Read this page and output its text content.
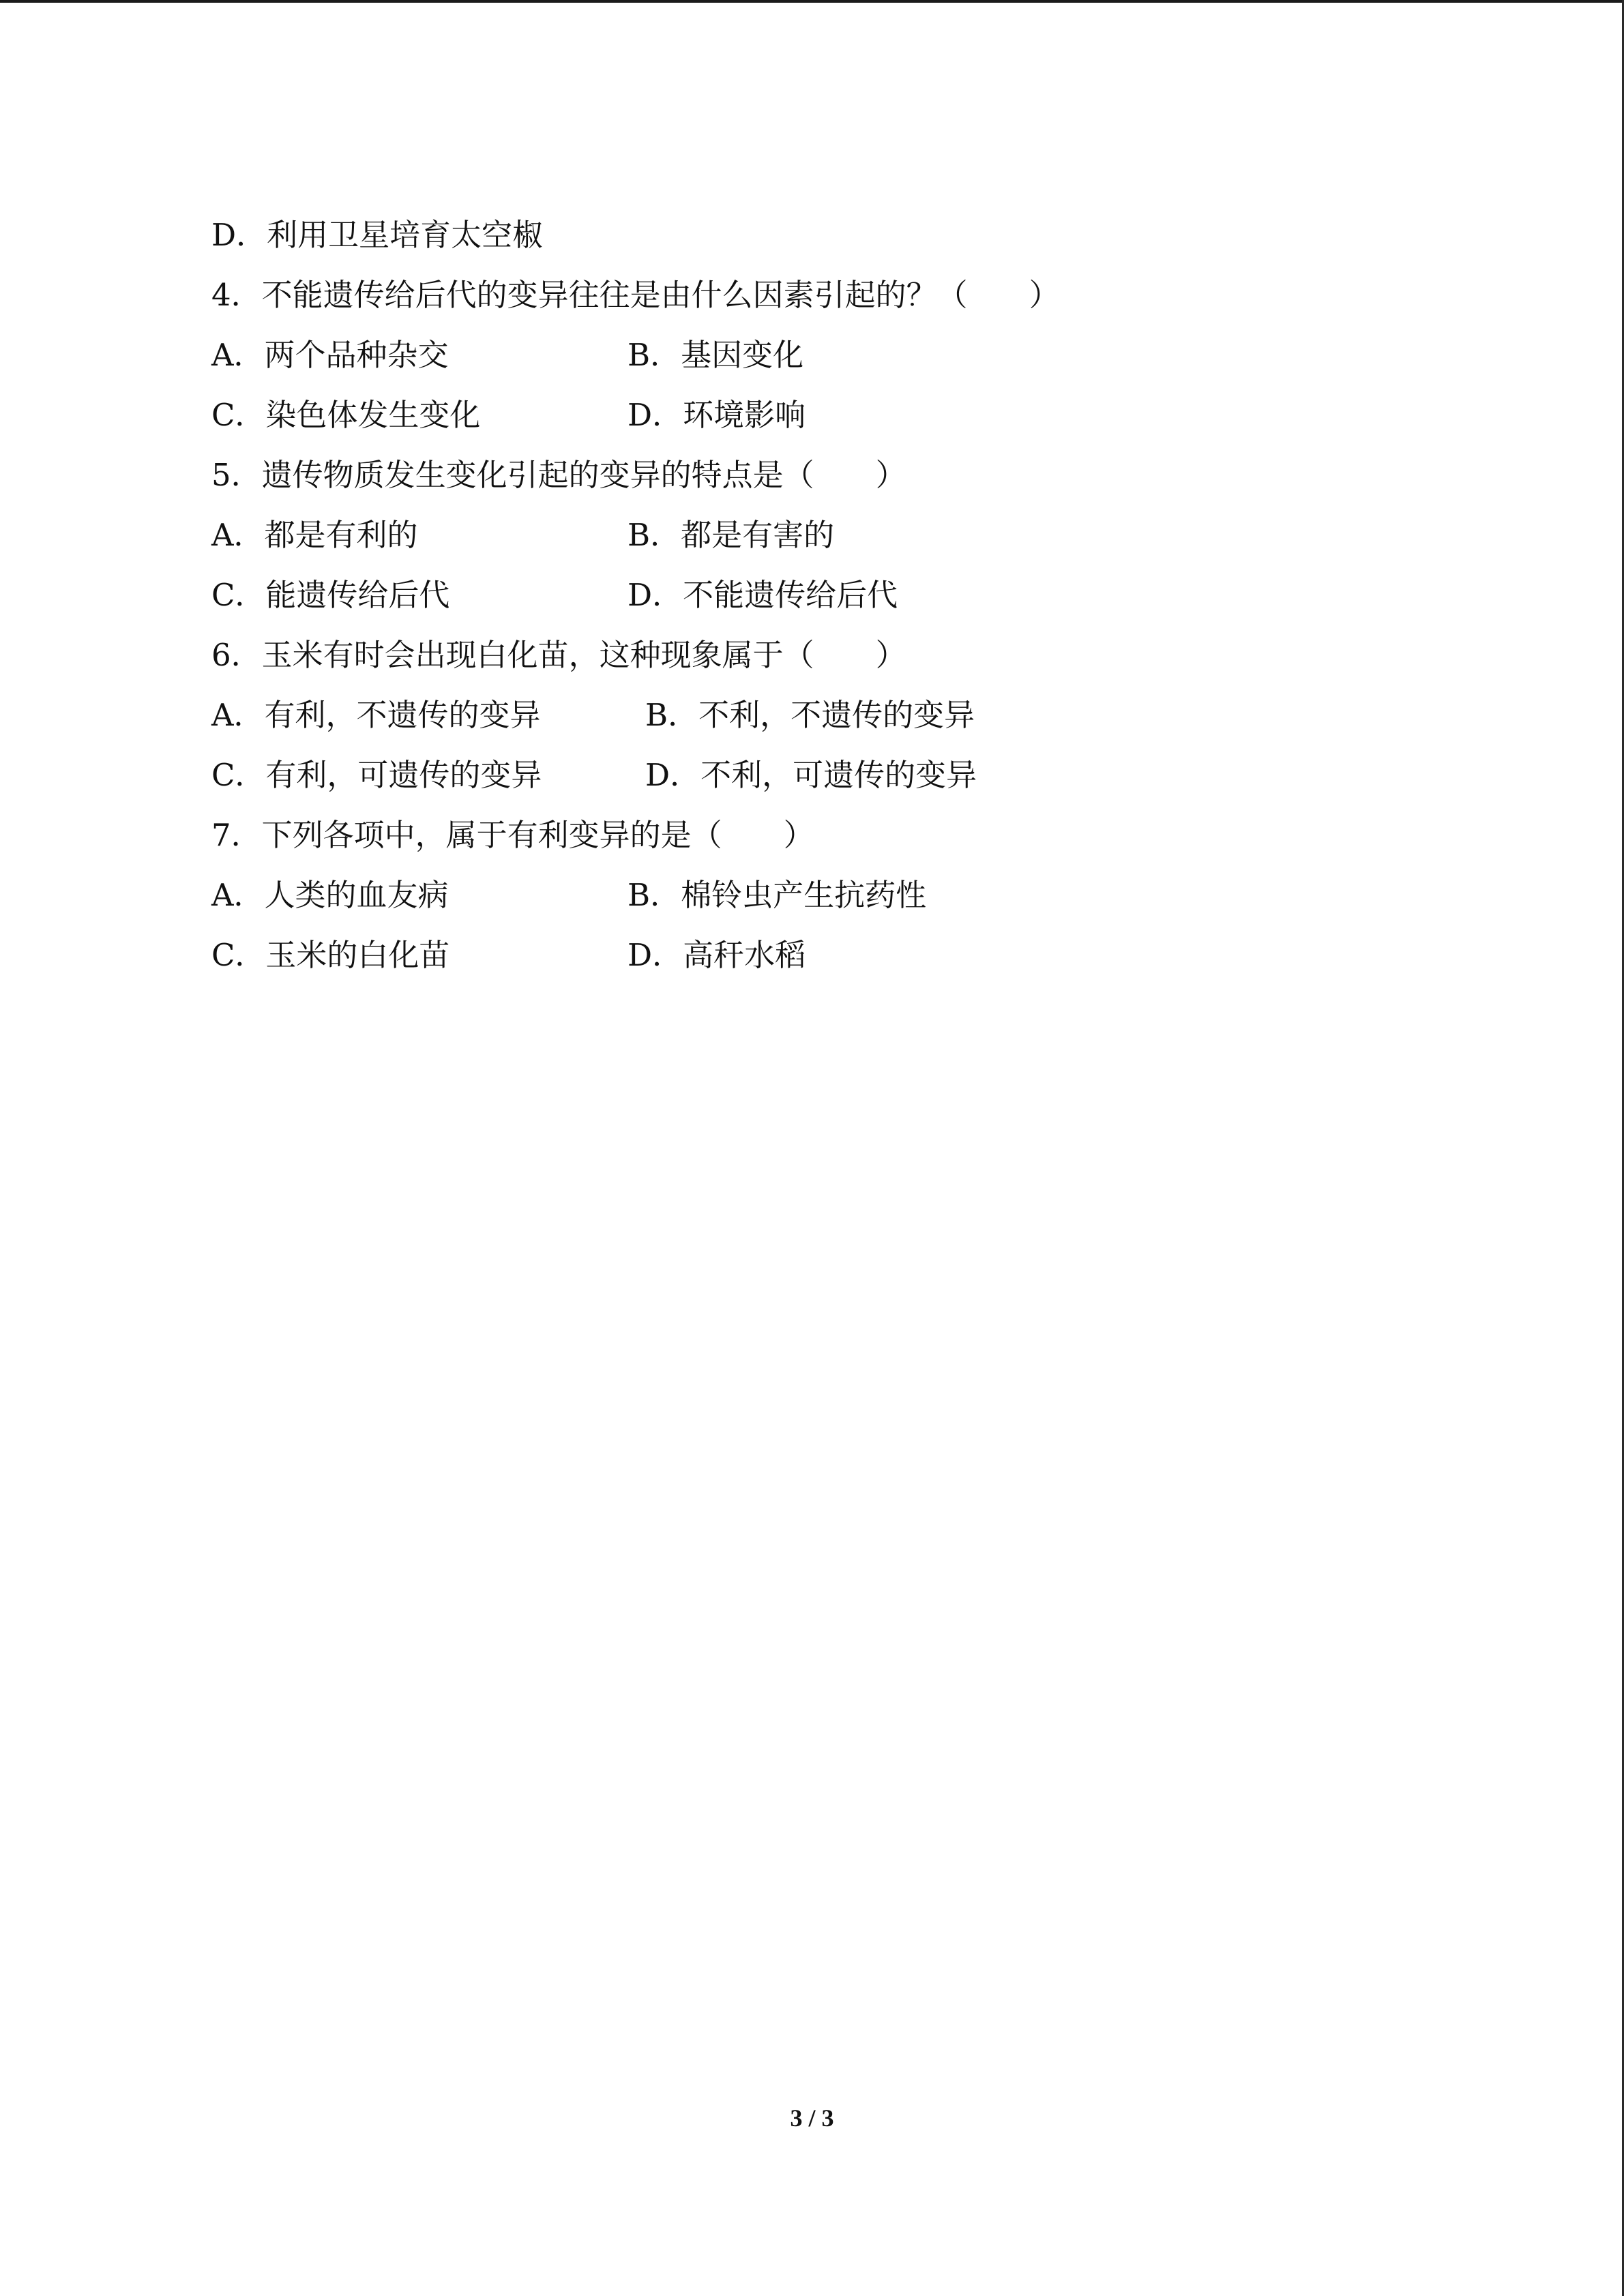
D．利用卫星培育太空椒
4．不能遗传给后代的变异往往是由什么因素引起的？（　　）
A．两个品种杂交	B．基因变化
C．染色体发生变化	D．环境影响
5．遗传物质发生变化引起的变异的特点是（　　）
A．都是有利的	B．都是有害的
C．能遗传给后代	D．不能遗传给后代
6．玉米有时会出现白化苗，这种现象属于（　　）
A．有利，不遗传的变异	B．不利，不遗传的变异
C．有利，可遗传的变异	D．不利，可遗传的变异
7．下列各项中，属于有利变异的是（　　）
A．人类的血友病	B．棉铃虫产生抗药性
C．玉米的白化苗	D．高秆水稻
3 / 3
